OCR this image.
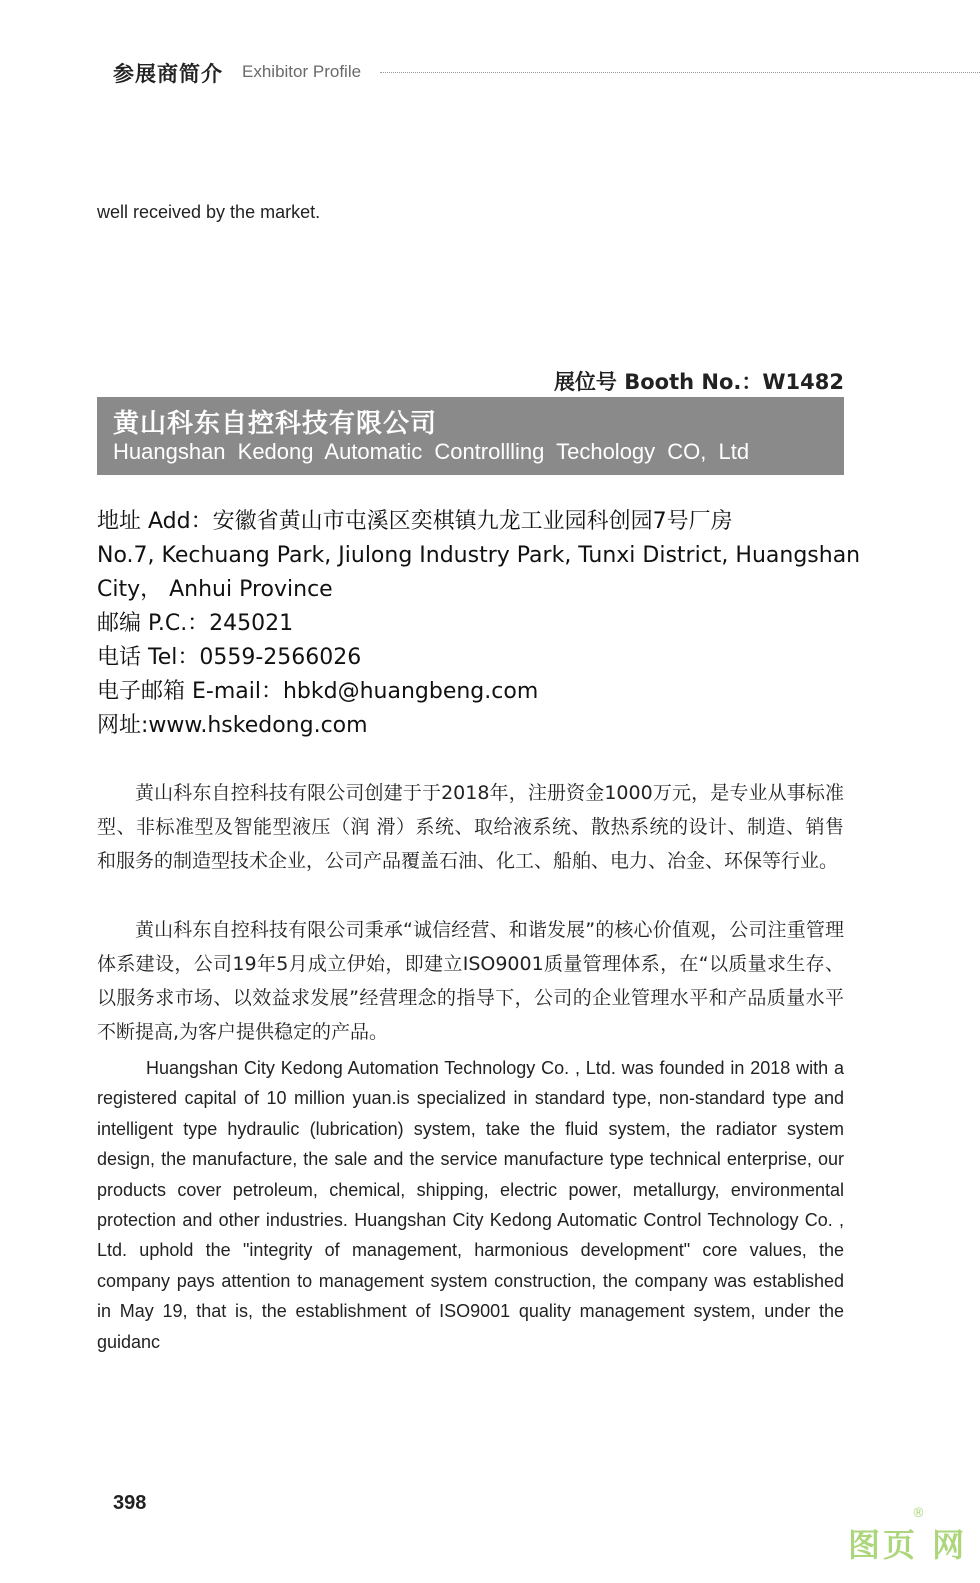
参展商简介 Exhibitor Profile
well received by the market.
展位号 Booth No.：W1482
黄山科东自控科技有限公司
Huangshan Kedong Automatic Controllling Techology CO, Ltd
地址 Add：安徽省黄山市屯溪区奕棋镇九龙工业园科创园7号厂房
No.7, Kechuang Park, Jiulong Industry Park, Tunxi District, Huangshan
City， Anhui Province
邮编 P.C.：245021
电话 Tel：0559-2566026
电子邮箱 E-mail：hbkd@huangbeng.com
网址:www.hskedong.com

黄山科东自控科技有限公司创建于于2018年，注册资金1000万元，是专业从事标准型、非标准型及智能型液压（润 滑）系统、取给液系统、散热系统的设计、制造、销售和服务的制造型技术企业，公司产品覆盖石油、化工、船舶、电力、冶金、环保等行业。

黄山科东自控科技有限公司秉承“诚信经营、和谐发展”的核心价值观，公司注重管理体系建设，公司19年5月成立伊始，即建立ISO9001质量管理体系，在“以质量求生存、以服务求市场、以效益求发展”经营理念的指导下，公司的企业管理水平和产品质量水平不断提高,为客户提供稳定的产品。

Huangshan City Kedong Automation Technology Co. , Ltd. was founded in 2018 with a registered capital of 10 million yuan.is specialized in standard type, non-standard type and intelligent type hydraulic (lubrication) system, take the fluid system, the radiator system design, the manufacture, the sale and the service manufacture type technical enterprise, our products cover petroleum, chemical, shipping, electric power, metallurgy, environmental protection and other industries. Huangshan City Kedong Automatic Control Technology Co. , Ltd. uphold the "integrity of management, harmonious development" core values, the company pays attention to management system construction, the company was established in May 19, that is, the establishment of ISO9001 quality management system, under the guidanc

398
图页 网
®
